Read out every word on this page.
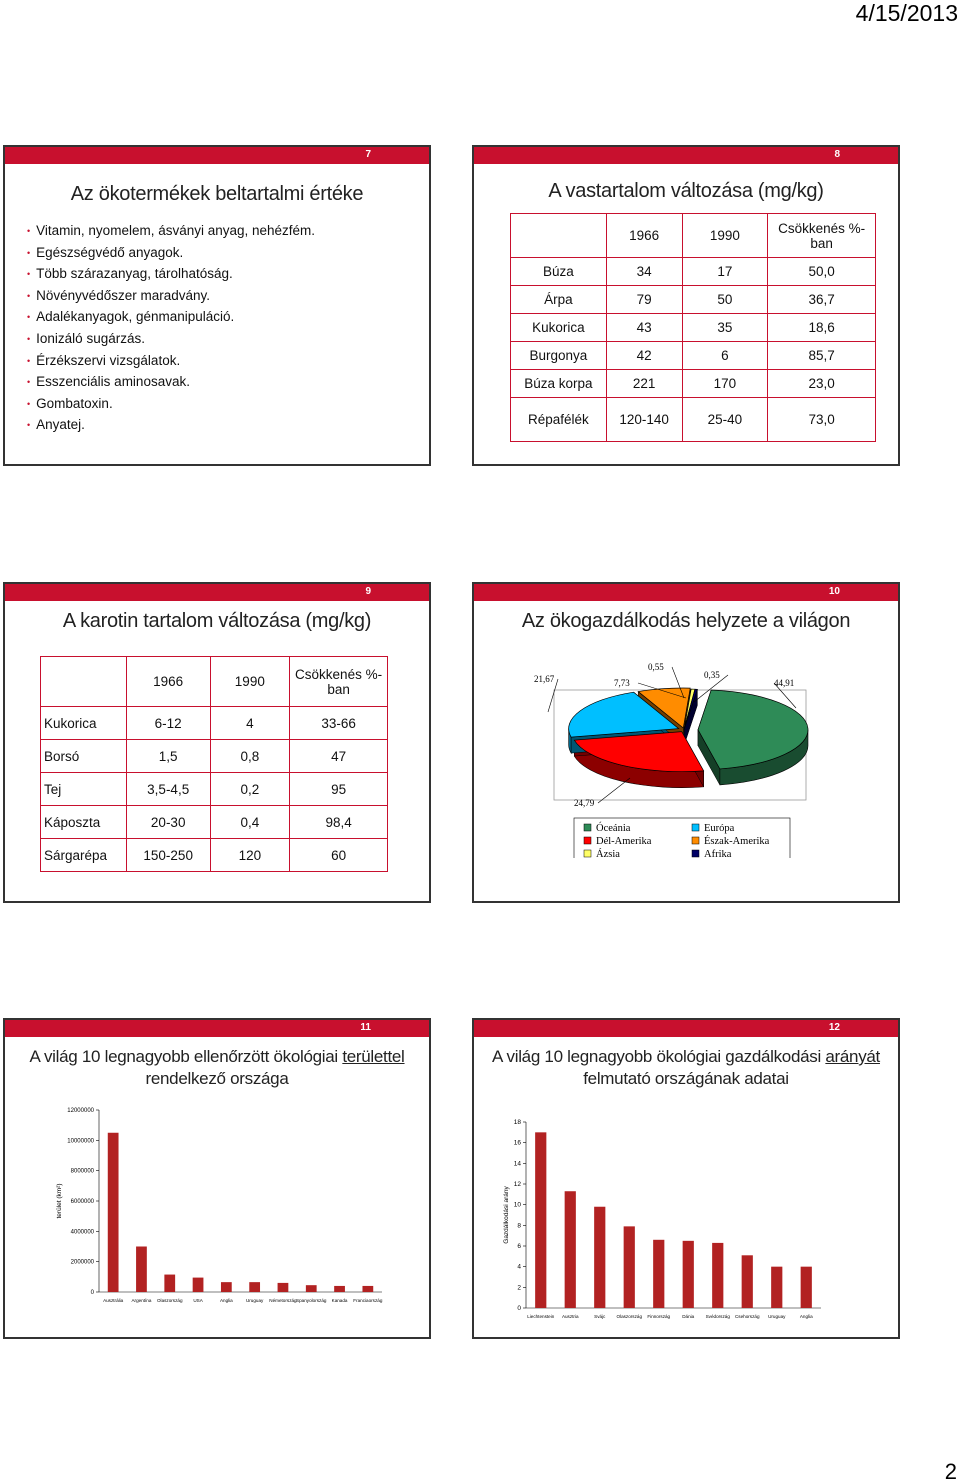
4/15/2013
7
Az ökotermékek beltartalmi értéke
• Vitamin, nyomelem, ásványi anyag, nehézfém.
• Egészségvédő anyagok.
• Több szárazanyag, tárolhatóság.
• Növényvédőszer maradvány.
• Adalékanyagok, génmanipuláció.
• Ionizáló sugárzás.
• Érzékszervi vizsgálatok.
• Esszenciális aminosavak.
• Gombatoxin.
• Anyatej.
8
A vastartalom változása (mg/kg)
	1966	1990	Csökkenés %-ban
Búza	34	17	50,0
Árpa	79	50	36,7
Kukorica	43	35	18,6
Burgonya	42	6	85,7
Búza korpa	221	170	23,0
Répafélék	120-140	25-40	73,0
9
A karotin tartalom változása (mg/kg)
	1966	1990	Csökkenés %-ban
Kukorica	6-12	4	33-66
Borsó	1,5	0,8	47
Tej	3,5-4,5	0,2	95
Káposzta	20-30	0,4	98,4
Sárgarépa	150-250	120	60
10
Az ökogazdálkodás helyzete a világon
44,91
21,67
24,79
7,73
0,55
0,35
Óceánia	Európa
Dél-Amerika	Észak-Amerika
Ázsia	Afrika
11
A világ 10 legnagyobb ellenőrzött ökológiai területtel
rendelkező országa
0
2000000
4000000
6000000
8000000
10000000
12000000
terület (km²)
Ausztrália Argentína Olaszország USA	Anglia	Uruguay Németország Spanyolország Kanada Franciaország
12
A világ 10 legnagyobb ökológiai gazdálkodási arányát
felmutató országának adatai
0
2
4
6
8
10
12
14
16
18
Gazdálkodási arány
Liechtenstein Ausztria	Svájc Olaszország Finnország	Dánia Svédország Csehország Uruguay	Anglia
2
